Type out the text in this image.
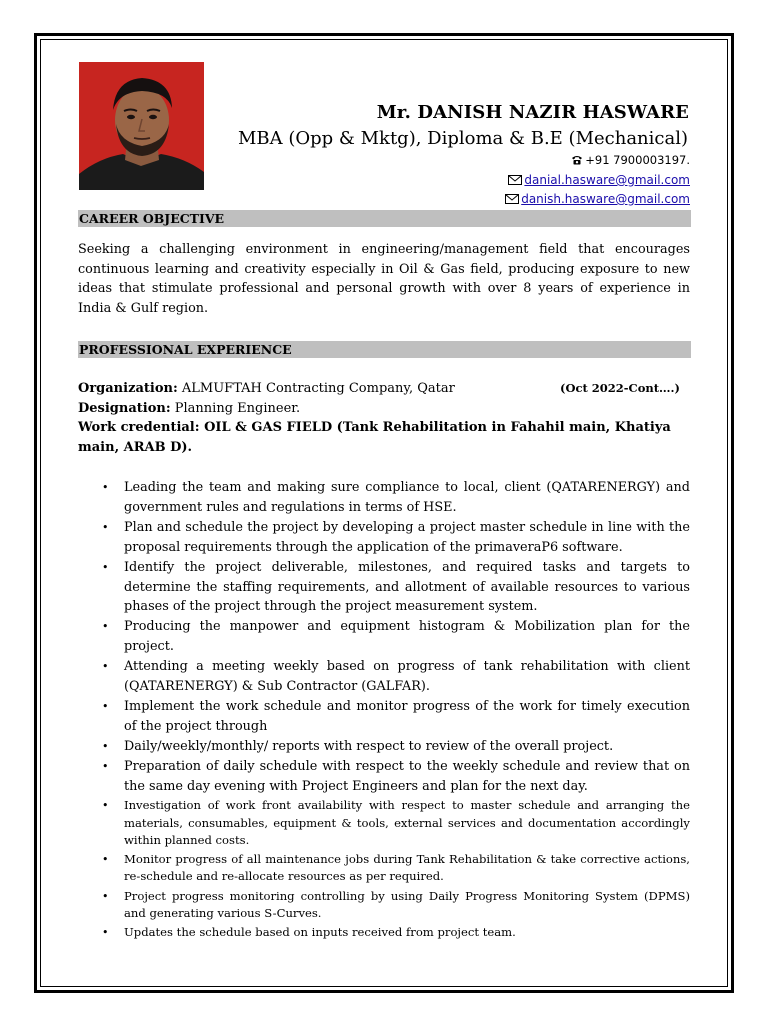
Mr. DANISH NAZIR HASWARE
MBA (Opp & Mktg), Diploma & B.E (Mechanical)
+91 7900003197.
danial.hasware@gmail.com
danish.hasware@gmail.com
CAREER OBJECTIVE
Seeking a challenging environment in engineering/management field that encourages continuous learning and creativity especially in Oil & Gas field, producing exposure to new ideas that stimulate professional and personal growth with over 8 years of experience in India & Gulf region.
PROFESSIONAL EXPERIENCE
Organization: ALMUFTAH Contracting Company, Qatar	(Oct 2022-Cont….)
Designation: Planning Engineer.
Work credential: OIL & GAS FIELD (Tank Rehabilitation in Fahahil main, Khatiya main, ARAB D).
• Leading the team and making sure compliance to local, client (QATARENERGY) and government rules and regulations in terms of HSE.
• Plan and schedule the project by developing a project master schedule in line with the proposal requirements through the application of the primaveraP6 software.
• Identify the project deliverable, milestones, and required tasks and targets to determine the staffing requirements, and allotment of available resources to various phases of the project through the project measurement system.
• Producing the manpower and equipment histogram & Mobilization plan for the project.
• Attending a meeting weekly based on progress of tank rehabilitation with client (QATARENERGY) & Sub Contractor (GALFAR).
• Implement the work schedule and monitor progress of the work for timely execution of the project through
• Daily/weekly/monthly/ reports with respect to review of the overall project.
• Preparation of daily schedule with respect to the weekly schedule and review that on the same day evening with Project Engineers and plan for the next day.
• Investigation of work front availability with respect to master schedule and arranging the materials, consumables, equipment & tools, external services and documentation accordingly within planned costs.
• Monitor progress of all maintenance jobs during Tank Rehabilitation & take corrective actions, re-schedule and re-allocate resources as per required.
• Project progress monitoring controlling by using Daily Progress Monitoring System (DPMS) and generating various S-Curves.
• Updates the schedule based on inputs received from project team.
